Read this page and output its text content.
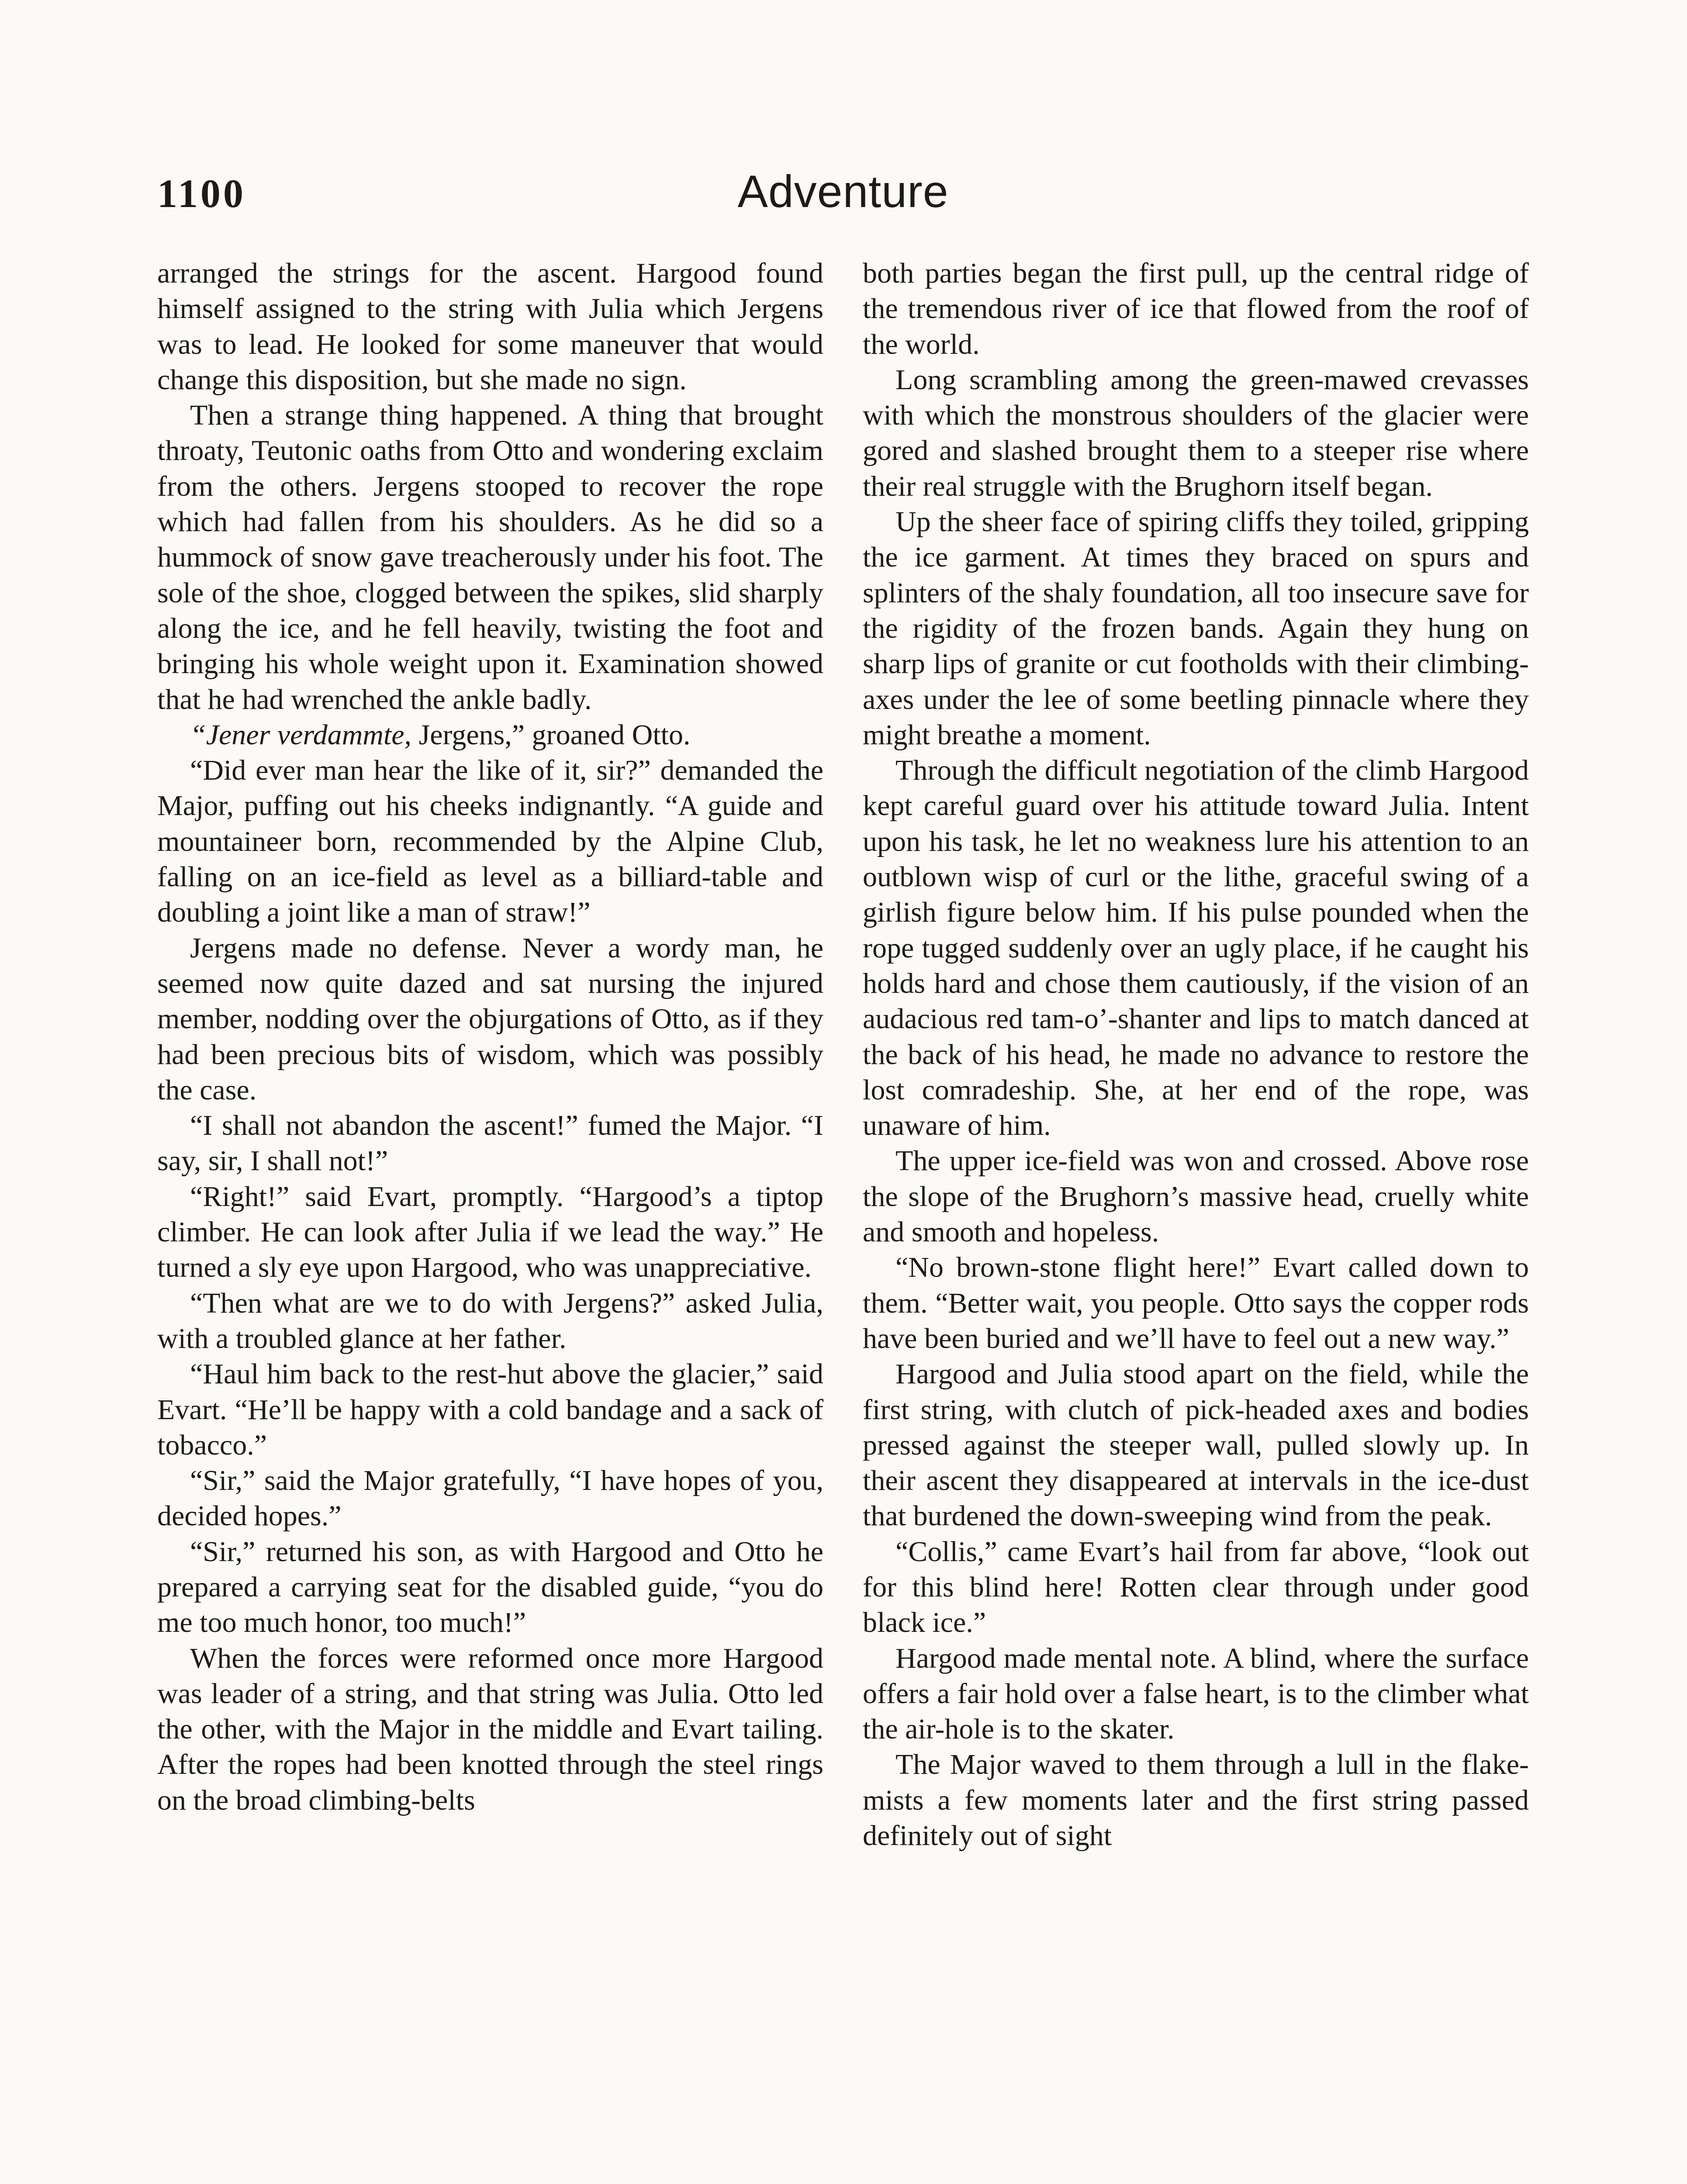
1100	Adventure

arranged the strings for the ascent. Hargood found himself assigned to the string with Julia which Jergens was to lead. He looked for some maneuver that would change this disposition, but she made no sign.

Then a strange thing happened. A thing that brought throaty, Teutonic oaths from Otto and wondering exclaim from the others. Jergens stooped to recover the rope which had fallen from his shoulders. As he did so a hummock of snow gave treacherously under his foot. The sole of the shoe, clogged between the spikes, slid sharply along the ice, and he fell heavily, twisting the foot and bringing his whole weight upon it. Examination showed that he had wrenched the ankle badly.

“Jener verdammte, Jergens,” groaned Otto.

“Did ever man hear the like of it, sir?” demanded the Major, puffing out his cheeks indignantly. “A guide and mountaineer born, recommended by the Alpine Club, falling on an ice-field as level as a billiard-table and doubling a joint like a man of straw!”

Jergens made no defense. Never a wordy man, he seemed now quite dazed and sat nursing the injured member, nodding over the objurgations of Otto, as if they had been precious bits of wisdom, which was possibly the case.

“I shall not abandon the ascent!” fumed the Major. “I say, sir, I shall not!”

“Right!” said Evart, promptly. “Hargood’s a tiptop climber. He can look after Julia if we lead the way.” He turned a sly eye upon Hargood, who was unappreciative.

“Then what are we to do with Jergens?” asked Julia, with a troubled glance at her father.

“Haul him back to the rest-hut above the glacier,” said Evart. “He’ll be happy with a cold bandage and a sack of tobacco.”

“Sir,” said the Major gratefully, “I have hopes of you, decided hopes.”

“Sir,” returned his son, as with Hargood and Otto he prepared a carrying seat for the disabled guide, “you do me too much honor, too much!”

When the forces were reformed once more Hargood was leader of a string, and that string was Julia. Otto led the other, with the Major in the middle and Evart tailing. After the ropes had been knotted through the steel rings on the broad climbing-belts

both parties began the first pull, up the central ridge of the tremendous river of ice that flowed from the roof of the world.

Long scrambling among the green-mawed crevasses with which the monstrous shoulders of the glacier were gored and slashed brought them to a steeper rise where their real struggle with the Brughorn itself began.

Up the sheer face of spiring cliffs they toiled, gripping the ice garment. At times they braced on spurs and splinters of the shaly foundation, all too insecure save for the rigidity of the frozen bands. Again they hung on sharp lips of granite or cut footholds with their climbing-axes under the lee of some beetling pinnacle where they might breathe a moment.

Through the difficult negotiation of the climb Hargood kept careful guard over his attitude toward Julia. Intent upon his task, he let no weakness lure his attention to an outblown wisp of curl or the lithe, graceful swing of a girlish figure below him. If his pulse pounded when the rope tugged suddenly over an ugly place, if he caught his holds hard and chose them cautiously, if the vision of an audacious red tam-o’-shanter and lips to match danced at the back of his head, he made no advance to restore the lost comradeship. She, at her end of the rope, was unaware of him.

The upper ice-field was won and crossed. Above rose the slope of the Brughorn’s massive head, cruelly white and smooth and hopeless.

“No brown-stone flight here!” Evart called down to them. “Better wait, you people. Otto says the copper rods have been buried and we’ll have to feel out a new way.”

Hargood and Julia stood apart on the field, while the first string, with clutch of pick-headed axes and bodies pressed against the steeper wall, pulled slowly up. In their ascent they disappeared at intervals in the ice-dust that burdened the down-sweeping wind from the peak.

“Collis,” came Evart’s hail from far above, “look out for this blind here! Rotten clear through under good black ice.”

Hargood made mental note. A blind, where the surface offers a fair hold over a false heart, is to the climber what the air-hole is to the skater.

The Major waved to them through a lull in the flake-mists a few moments later and the first string passed definitely out of sight
